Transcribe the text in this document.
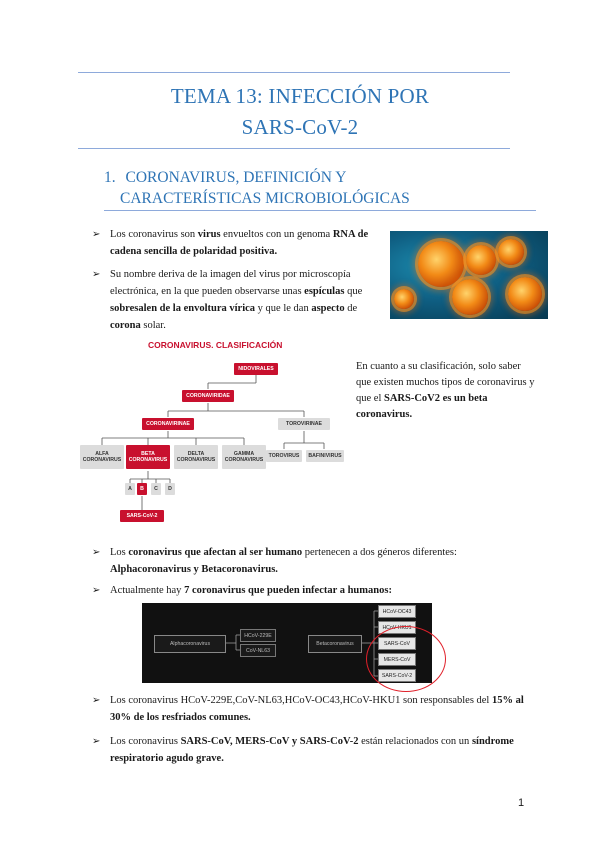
TEMA 13: INFECCIÓN POR
SARS-CoV-2
1. CORONAVIRUS, DEFINICIÓN Y
CARACTERÍSTICAS MICROBIOLÓGICAS
➢ Los coronavirus son virus envueltos con un genoma RNA de cadena sencilla de polaridad positiva.
➢ Su nombre deriva de la imagen del virus por microscopía electrónica, en la que pueden observarse unas espículas que sobresalen de la envoltura vírica y que le dan aspecto de corona solar.
CORONAVIRUS. CLASIFICACIÓN
NIDOVIRALES
CORONAVIRIDAE
CORONAVIRINAE	TOROVIRINAE
ALFA CORONAVIRUS
BETA CORONAVIRUS
DELTA CORONAVIRUS
GAMMA CORONAVIRUS
TOROVIRUS	BAFINIVIRUS
A	B	C	D
SARS-CoV-2
En cuanto a su clasificación, solo saber que existen muchos tipos de coronavirus y que el SARS-CoV2 es un beta coronavirus.
➢ Los coronavirus que afectan al ser humano pertenecen a dos géneros diferentes: Alphacoronavirus y Betacoronavirus.
➢ Actualmente hay 7 coronavirus que pueden infectar a humanos:
Alphacoronavirus
HCoV-229E
CoV-NL63
Betacoronavirus
HCoV-OC43
HCoV-HKU1
SARS-CoV
MERS-CoV
SARS-CoV-2
➢ Los coronavirus HCoV-229E,CoV-NL63,HCoV-OC43,HCoV-HKU1 son responsables del 15% al 30% de los resfriados comunes.
➢ Los coronavirus SARS-CoV, MERS-CoV y SARS-CoV-2 están relacionados con un síndrome respiratorio agudo grave.
1
